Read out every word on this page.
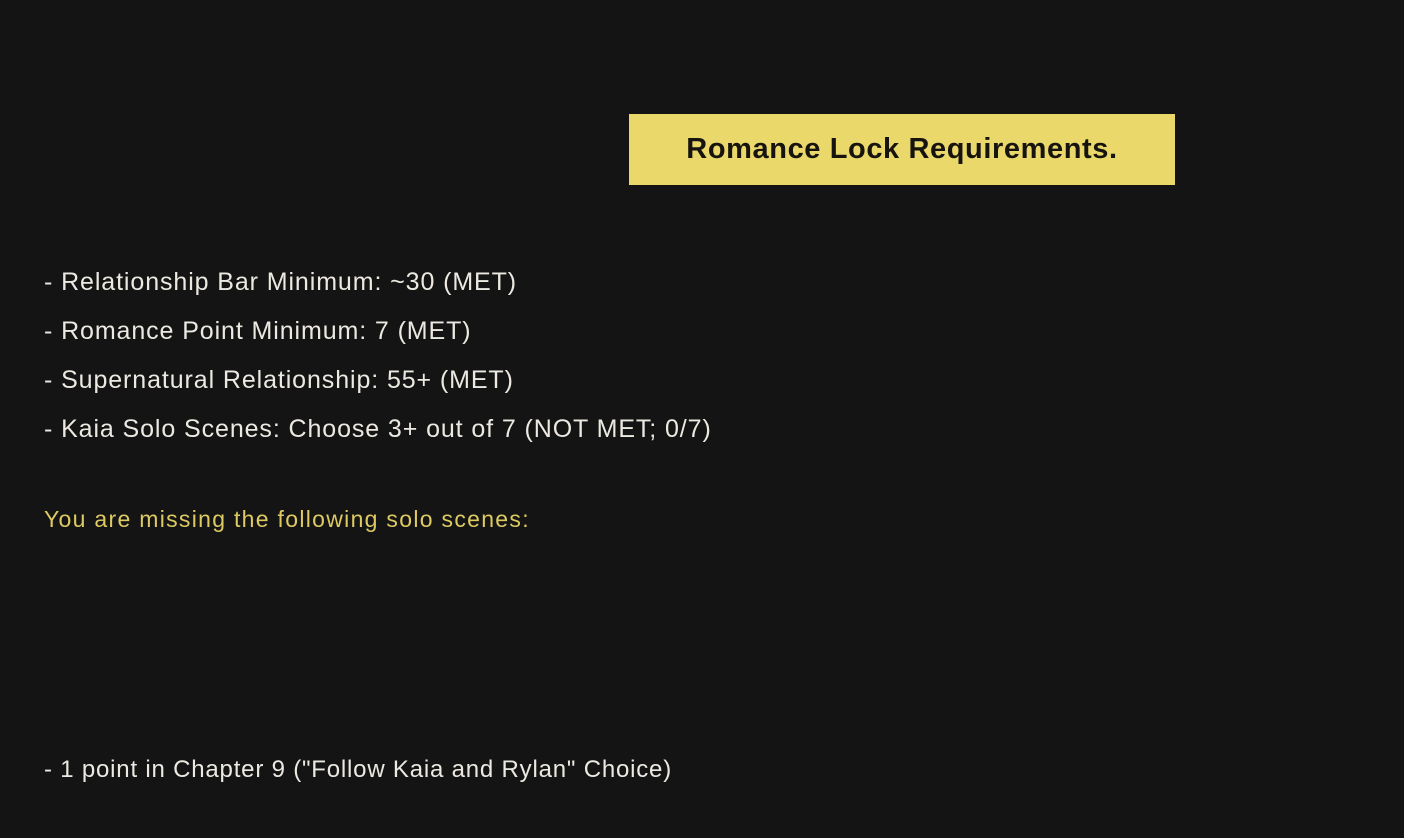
Romance Lock Requirements.
- Relationship Bar Minimum: ~30 (MET)
- Romance Point Minimum: 7 (MET)
- Supernatural Relationship: 55+ (MET)
- Kaia Solo Scenes: Choose 3+ out of 7 (NOT MET; 0/7)
You are missing the following solo scenes:
- 1 point in Chapter 9 ("Follow Kaia and Rylan" Choice)
